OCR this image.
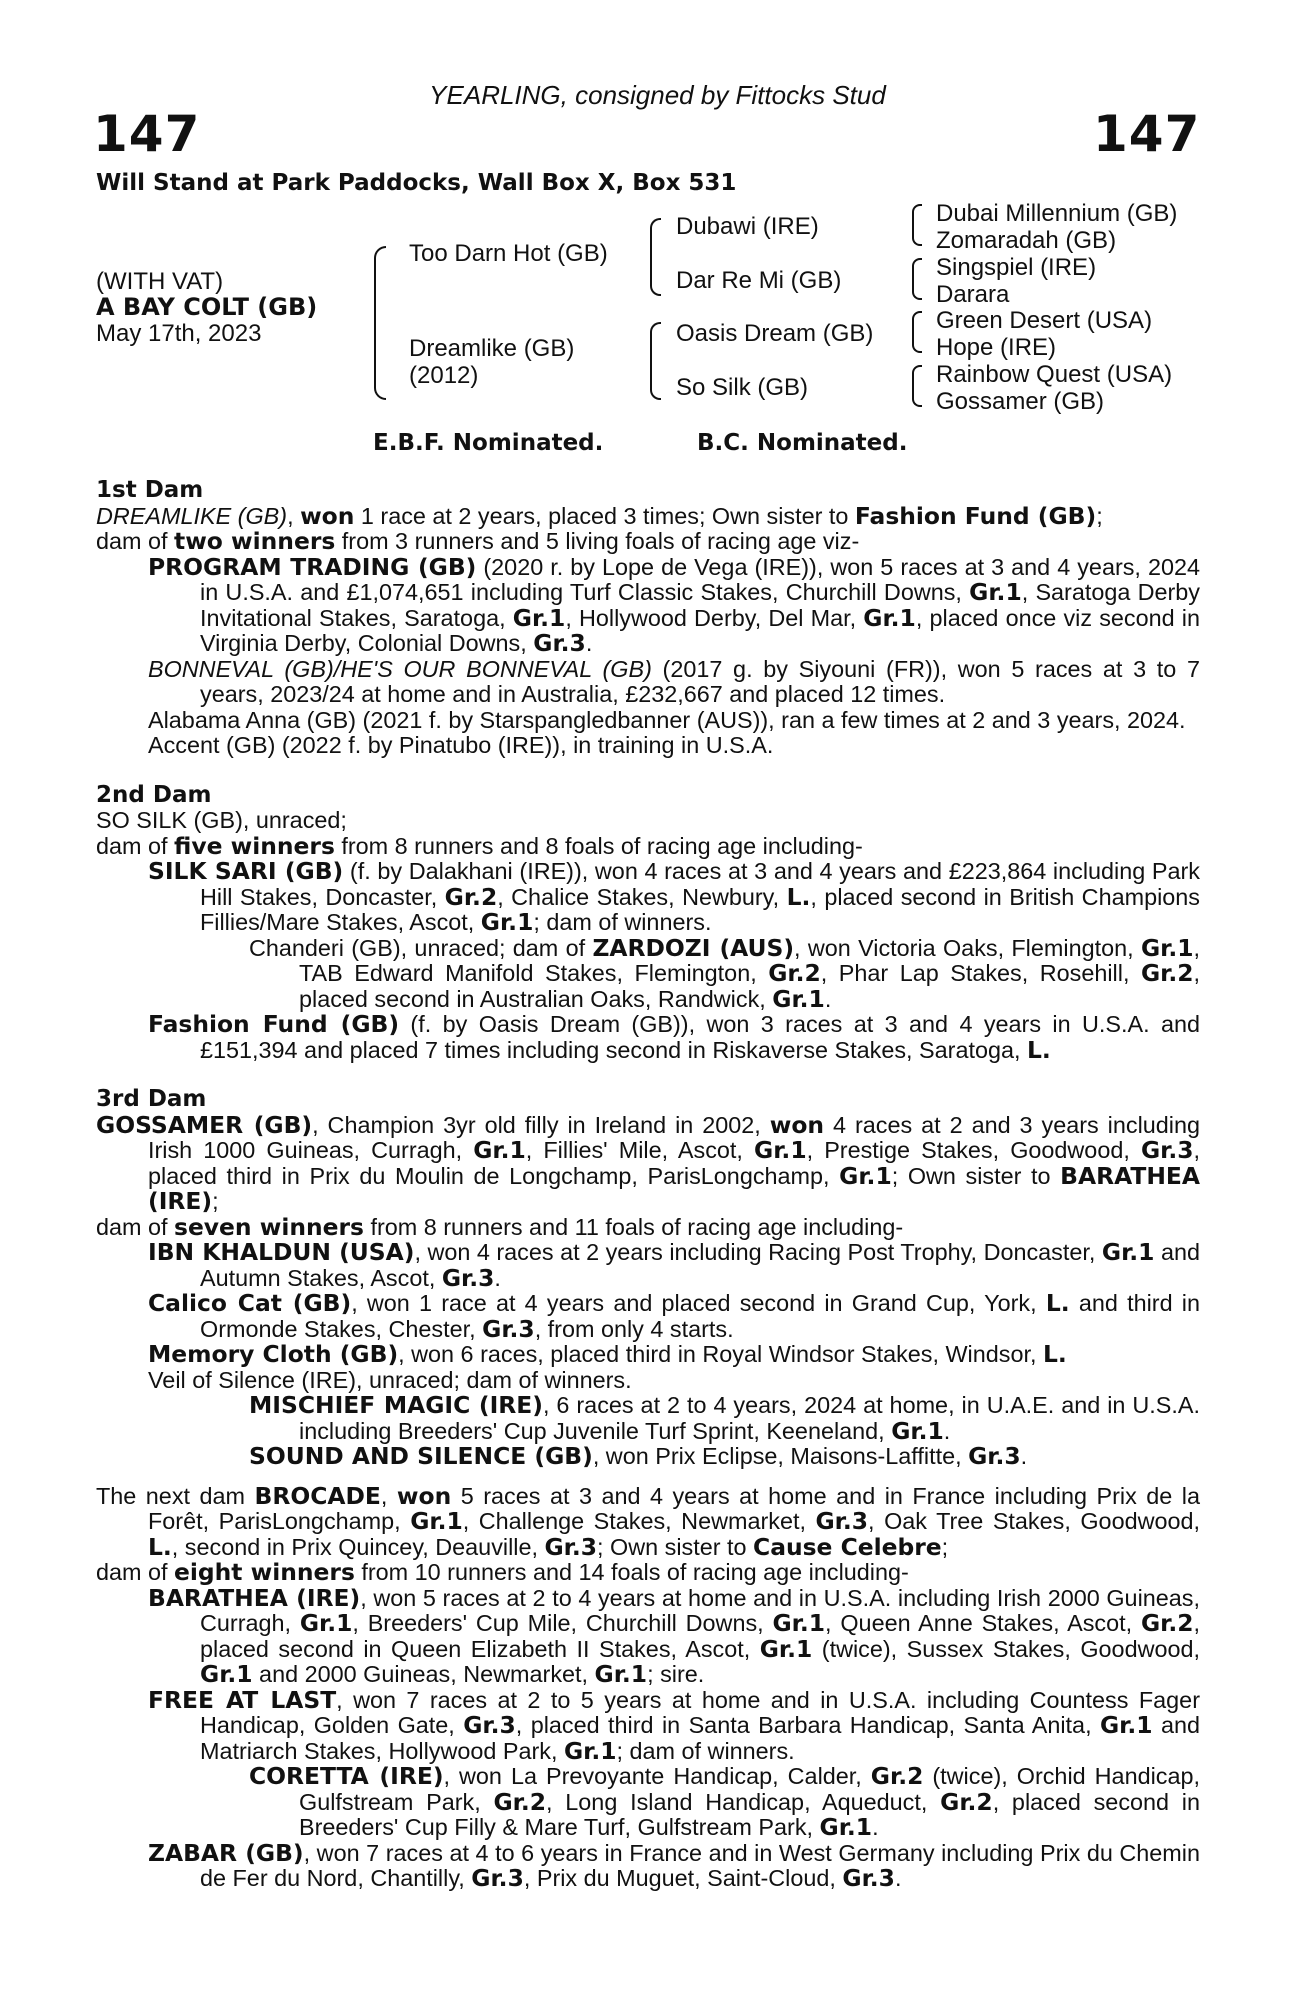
YEARLING, consigned by Fittocks Stud
147	147
Will Stand at Park Paddocks, Wall Box X, Box 531
(WITH VAT)
A BAY COLT (GB)
May 17th, 2023
Too Darn Hot (GB)
Dreamlike (GB)
(2012)
Dubawi (IRE)
Dar Re Mi (GB)
Oasis Dream (GB)
So Silk (GB)
Dubai Millennium (GB)
Zomaradah (GB)
Singspiel (IRE)
Darara
Green Desert (USA)
Hope (IRE)
Rainbow Quest (USA)
Gossamer (GB)
E.B.F. Nominated.	B.C. Nominated.
1st Dam

DREAMLIKE (GB), won 1 race at 2 years, placed 3 times; Own sister to Fashion Fund (GB);

dam of two winners from 3 runners and 5 living foals of racing age viz-

PROGRAM TRADING (GB) (2020 r. by Lope de Vega (IRE)), won 5 races at 3 and 4 years, 2024 in U.S.A. and £1,074,651 including Turf Classic Stakes, Churchill Downs, Gr.1, Saratoga Derby Invitational Stakes, Saratoga, Gr.1, Hollywood Derby, Del Mar, Gr.1, placed once viz second in Virginia Derby, Colonial Downs, Gr.3.

BONNEVAL (GB)/HE'S OUR BONNEVAL (GB) (2017 g. by Siyouni (FR)), won 5 races at 3 to 7 years, 2023/24 at home and in Australia, £232,667 and placed 12 times.

Alabama Anna (GB) (2021 f. by Starspangledbanner (AUS)), ran a few times at 2 and 3 years, 2024.

Accent (GB) (2022 f. by Pinatubo (IRE)), in training in U.S.A.

2nd Dam

SO SILK (GB), unraced;

dam of five winners from 8 runners and 8 foals of racing age including-

SILK SARI (GB) (f. by Dalakhani (IRE)), won 4 races at 3 and 4 years and £223,864 including Park Hill Stakes, Doncaster, Gr.2, Chalice Stakes, Newbury, L., placed second in British Champions Fillies/Mare Stakes, Ascot, Gr.1; dam of winners.

Chanderi (GB), unraced; dam of ZARDOZI (AUS), won Victoria Oaks, Flemington, Gr.1, TAB Edward Manifold Stakes, Flemington, Gr.2, Phar Lap Stakes, Rosehill, Gr.2, placed second in Australian Oaks, Randwick, Gr.1.

Fashion Fund (GB) (f. by Oasis Dream (GB)), won 3 races at 3 and 4 years in U.S.A. and £151,394 and placed 7 times including second in Riskaverse Stakes, Saratoga, L.

3rd Dam

GOSSAMER (GB), Champion 3yr old filly in Ireland in 2002, won 4 races at 2 and 3 years including Irish 1000 Guineas, Curragh, Gr.1, Fillies' Mile, Ascot, Gr.1, Prestige Stakes, Goodwood, Gr.3, placed third in Prix du Moulin de Longchamp, ParisLongchamp, Gr.1; Own sister to BARATHEA (IRE);

dam of seven winners from 8 runners and 11 foals of racing age including-

IBN KHALDUN (USA), won 4 races at 2 years including Racing Post Trophy, Doncaster, Gr.1 and Autumn Stakes, Ascot, Gr.3.

Calico Cat (GB), won 1 race at 4 years and placed second in Grand Cup, York, L. and third in Ormonde Stakes, Chester, Gr.3, from only 4 starts.

Memory Cloth (GB), won 6 races, placed third in Royal Windsor Stakes, Windsor, L.

Veil of Silence (IRE), unraced; dam of winners.

MISCHIEF MAGIC (IRE), 6 races at 2 to 4 years, 2024 at home, in U.A.E. and in U.S.A. including Breeders' Cup Juvenile Turf Sprint, Keeneland, Gr.1.

SOUND AND SILENCE (GB), won Prix Eclipse, Maisons-Laffitte, Gr.3.

The next dam BROCADE, won 5 races at 3 and 4 years at home and in France including Prix de la Forêt, ParisLongchamp, Gr.1, Challenge Stakes, Newmarket, Gr.3, Oak Tree Stakes, Goodwood, L., second in Prix Quincey, Deauville, Gr.3; Own sister to Cause Celebre;

dam of eight winners from 10 runners and 14 foals of racing age including-

BARATHEA (IRE), won 5 races at 2 to 4 years at home and in U.S.A. including Irish 2000 Guineas, Curragh, Gr.1, Breeders' Cup Mile, Churchill Downs, Gr.1, Queen Anne Stakes, Ascot, Gr.2, placed second in Queen Elizabeth II Stakes, Ascot, Gr.1 (twice), Sussex Stakes, Goodwood, Gr.1 and 2000 Guineas, Newmarket, Gr.1; sire.

FREE AT LAST, won 7 races at 2 to 5 years at home and in U.S.A. including Countess Fager Handicap, Golden Gate, Gr.3, placed third in Santa Barbara Handicap, Santa Anita, Gr.1 and Matriarch Stakes, Hollywood Park, Gr.1; dam of winners.

CORETTA (IRE), won La Prevoyante Handicap, Calder, Gr.2 (twice), Orchid Handicap, Gulfstream Park, Gr.2, Long Island Handicap, Aqueduct, Gr.2, placed second in Breeders' Cup Filly & Mare Turf, Gulfstream Park, Gr.1.

ZABAR (GB), won 7 races at 4 to 6 years in France and in West Germany including Prix du Chemin de Fer du Nord, Chantilly, Gr.3, Prix du Muguet, Saint-Cloud, Gr.3.
